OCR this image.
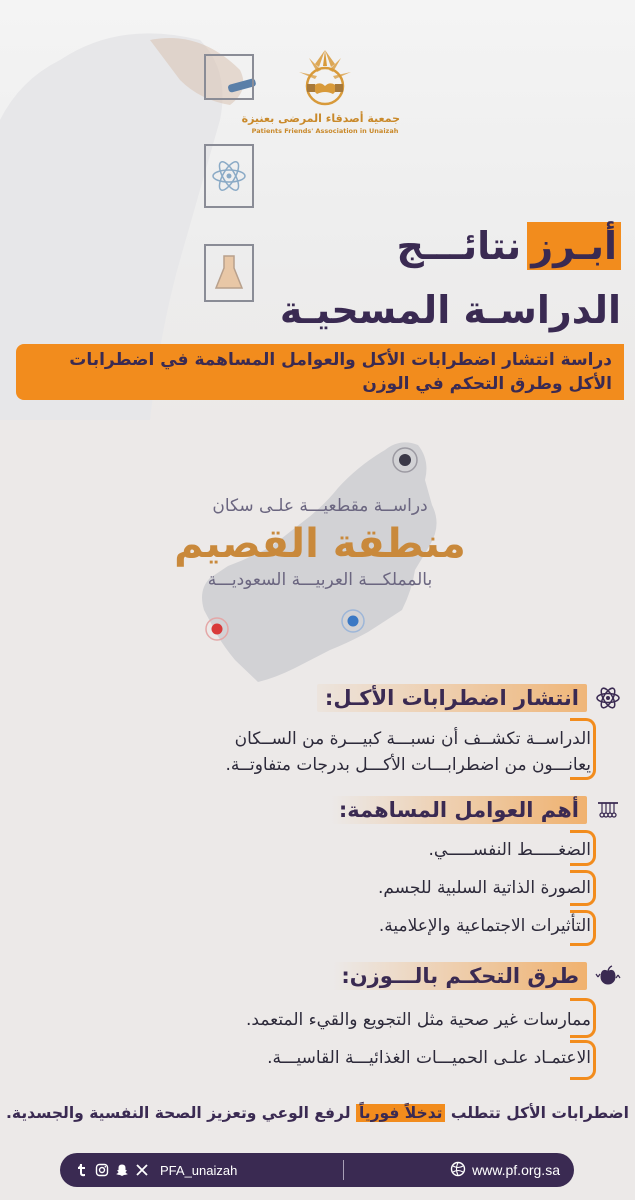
جمعية أصدقاء المرضى بعنيزة
Patients Friends' Association in Unaizah
أبـرز
نتائـــج
الدراسـة المسحيـة
دراسة انتشار اضطرابات الأكل والعوامل المساهمة في اضطرابات الأكل وطرق التحكم في الوزن
دراســة مقطعيـــة علـى سكان
منطقة القصيم
بالمملكـــة العربيـــة السعوديـــة
انتشار اضطرابات الأكـل:
الدراســة تكشــف أن نسبـــة كبيـــرة من الســكان يعانـــون من اضطرابـــات الأكـــل بدرجات متفاوتــة.
أهم العوامل المساهمة:
الضغـــــط النفســـــي.
الصورة الذاتية السلبية للجسم.
التأثيرات الاجتماعية والإعلامية.
طرق التحكـم بالـــوزن:
ممارسات غير صحية مثل التجويع والقيء المتعمد.
الاعتمـاد علـى الحميـــات الغذائيـــة القاسيـــة.
اضطرابات الأكل تتطلب تدخلاً فورياً لرفع الوعي وتعزيز الصحة النفسية والجسدية.
PFA_unaizah	www.pf.org.sa
